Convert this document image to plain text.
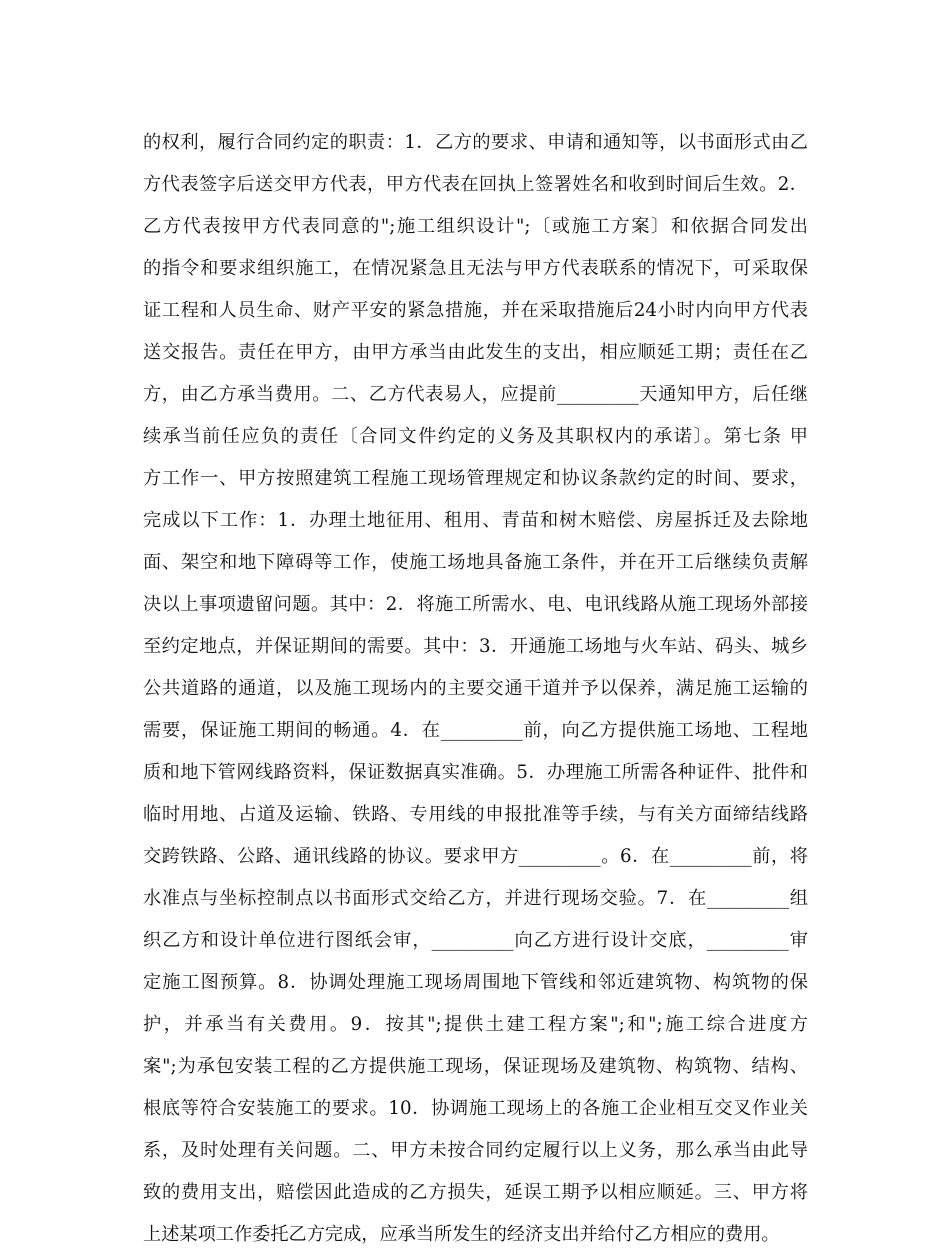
的权利，履行合同约定的职责：1．乙方的要求、申请和通知等，以书面形式由乙
方代表签字后送交甲方代表，甲方代表在回执上签署姓名和收到时间后生效。2．
乙方代表按甲方代表同意的";施工组织设计";〔或施工方案〕和依据合同发出
的指令和要求组织施工，在情况紧急且无法与甲方代表联系的情况下，可采取保
证工程和人员生命、财产平安的紧急措施，并在采取措施后24小时内向甲方代表
送交报告。责任在甲方，由甲方承当由此发生的支出，相应顺延工期；责任在乙
方，由乙方承当费用。二、乙方代表易人，应提前_________天通知甲方，后任继
续承当前任应负的责任〔合同文件约定的义务及其职权内的承诺〕。第七条 甲
方工作一、甲方按照建筑工程施工现场管理规定和协议条款约定的时间、要求，
完成以下工作：1．办理土地征用、租用、青苗和树木赔偿、房屋拆迁及去除地
面、架空和地下障碍等工作，使施工场地具备施工条件，并在开工后继续负责解
决以上事项遗留问题。其中：2．将施工所需水、电、电讯线路从施工现场外部接
至约定地点，并保证期间的需要。其中：3．开通施工场地与火车站、码头、城乡
公共道路的通道，以及施工现场内的主要交通干道并予以保养，满足施工运输的
需要，保证施工期间的畅通。4．在_________前，向乙方提供施工场地、工程地
质和地下管网线路资料，保证数据真实准确。5．办理施工所需各种证件、批件和
临时用地、占道及运输、铁路、专用线的申报批准等手续，与有关方面缔结线路
交跨铁路、公路、通讯线路的协议。要求甲方_________。6．在_________前，将
水准点与坐标控制点以书面形式交给乙方，并进行现场交验。7．在_________组
织乙方和设计单位进行图纸会审，_________向乙方进行设计交底，_________审
定施工图预算。8．协调处理施工现场周围地下管线和邻近建筑物、构筑物的保
护，并承当有关费用。9．按其";提供土建工程方案";和";施工综合进度方
案";为承包安装工程的乙方提供施工现场，保证现场及建筑物、构筑物、结构、
根底等符合安装施工的要求。10．协调施工现场上的各施工企业相互交叉作业关
系，及时处理有关问题。二、甲方未按合同约定履行以上义务，那么承当由此导
致的费用支出，赔偿因此造成的乙方损失，延误工期予以相应顺延。三、甲方将
上述某项工作委托乙方完成，应承当所发生的经济支出并给付乙方相应的费用。
